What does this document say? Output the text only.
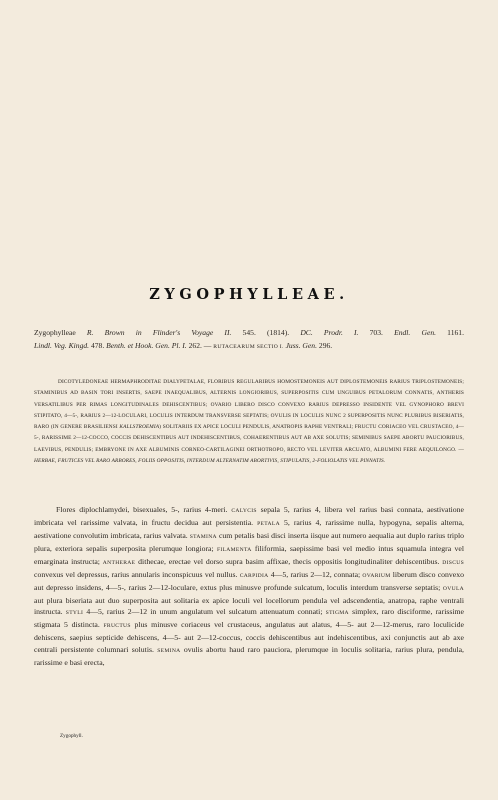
ZYGOPHYLLEAE.
Zygophylleae R. Brown in Flinder's Voyage II. 545. (1814). DC. Prodr. I. 703. Endl. Gen. 1161.
Lindl. Veg. Kingd. 478. Benth. et Hook. Gen. Pl. I. 262. — RUTACEARUM SECTIO I. Juss. Gen. 296.

DICOTYLEDONEAE HERMAPHRODITAE DIALYPETALAE, FLORIBUS REGULARIBUS HOMOSTEMONEIS AUT DIPLOSTEMONEIS RARIUS TRIPLOSTEMONEIS; STAMINIBUS AD BASIN TORI INSERTIS, SAEPE INAEQUALIBUS, ALTERNIS LONGIORIBUS, SUPERPOSITIS CUM UNGUIBUS PETALORUM CONNATIS, ANTHERIS VERSATILIBUS PER RIMAS LONGITUDINALES DEHISCENTIBUS; OVARIO LIBERO DISCO CONVEXO RARIUS DEPRESSO INSIDENTE VEL GYNOPHORO BREVI STIPITATO, 4—5-, RARIUS 2—12-LOCULARI, LOCULIS INTERDUM TRANSVERSE SEPTATIS; OVULIS IN LOCULIS NUNC 2 SUPERPOSITIS NUNC PLURIBUS BISERIATIS, RARO (IN GENERE BRASILIENSI KALLSTROEMIA) SOLITARIIS EX APICE LOCULI PENDULIS, ANATROPIS RAPHE VENTRALI; FRUCTU CORIACEO VEL CRUSTACEO, 4—5-, RARISSIME 2—12-COCCO, COCCIS DEHISCENTIBUS AUT INDEHISCENTIBUS, COHAERENTIBUS AUT AB AXE SOLUTIS; SEMINIBUS SAEPE ABORTU PAUCIORIBUS, LAEVIBUS, PENDULIS; EMBRYONE IN AXE ALBUMINIS CORNEO-CARTILAGINEI ORTHOTROPO, RECTO VEL LEVITER ARCUATO, ALBUMINI FERE AEQUILONGO. — HERBAE, FRUTICES VEL RARO ARBORES, FOLIIS OPPOSITIS, INTERDUM ALTERNATIM ABORTIVIS, STIPULATIS, 2-FOLIOLATIS VEL PINNATIS.

Flores diplochlamydei, bisexuales, 5-, rarius 4-meri. CALYCIS sepala 5, rarius 4, libera vel rarius basi connata, aestivatione imbricata vel rarissime valvata, in fructu decidua aut persistentia. PETALA 5, rarius 4, rarissime nulla, hypogyna, sepalis alterna, aestivatione convolutim imbricata, rarius valvata. STAMINA cum petalis basi disci inserta iisque aut numero aequalia aut duplo rarius triplo plura, exteriora sepalis superposita plerumque longiora; FILAMENTA filiformia, saepissime basi vel medio intus squamula integra vel emarginata instructa; ANTHERAE dithecae, erectae vel dorso supra basim affixae, thecis oppositis longitudinaliter dehiscentibus. DISCUS convexus vel depressus, rarius annularis inconspicuus vel nullus. CARPIDIA 4—5, rarius 2—12, connata; OVARIUM liberum disco convexo aut depresso insidens, 4—5-, rarius 2—12-loculare, extus plus minusve profunde sulcatum, loculis interdum transverse septatis; OVULA aut plura biseriata aut duo superposita aut solitaria ex apice loculi vel locellorum pendula vel adscendentia, anatropa, raphe ventrali instructa. STYLI 4—5, rarius 2—12 in unum angulatum vel sulcatum attenuatum connati; STIGMA simplex, raro disciforme, rarissime stigmata 5 distincta. FRUCTUS plus minusve coriaceus vel crustaceus, angulatus aut alatus, 4—5- aut 2—12-merus, raro loculicide dehiscens, saepius septicide dehiscens, 4—5- aut 2—12-coccus, coccis dehiscentibus aut indehiscentibus, axi conjunctis aut ab axe centrali persistente columnari solutis. SEMINA ovulis abortu haud raro pauciora, plerumque in loculis solitaria, rarius plura, pendula, rarissime e basi erecta,

Zygophyll.
